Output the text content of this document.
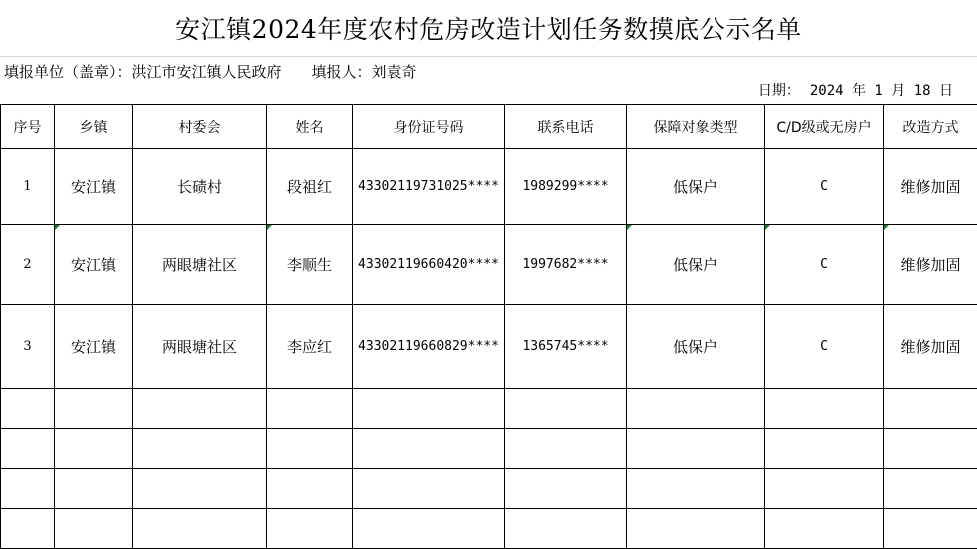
安江镇2024年度农村危房改造计划任务数摸底公示名单
填报单位（盖章）：洪江市安江镇人民政府 填报人：刘袁奇
日期： 2024 年 1 月 18 日
序号	乡镇	村委会	姓名	身份证号码	联系电话	保障对象类型	C/D级或无房户	改造方式
1	安江镇	长碛村	段祖红	43302119731025****	1989299****	低保户	C	维修加固
2	安江镇	两眼塘社区	李顺生	43302119660420****	1997682****	低保户	C	维修加固
3	安江镇	两眼塘社区	李应红	43302119660829****	1365745****	低保户	C	维修加固
